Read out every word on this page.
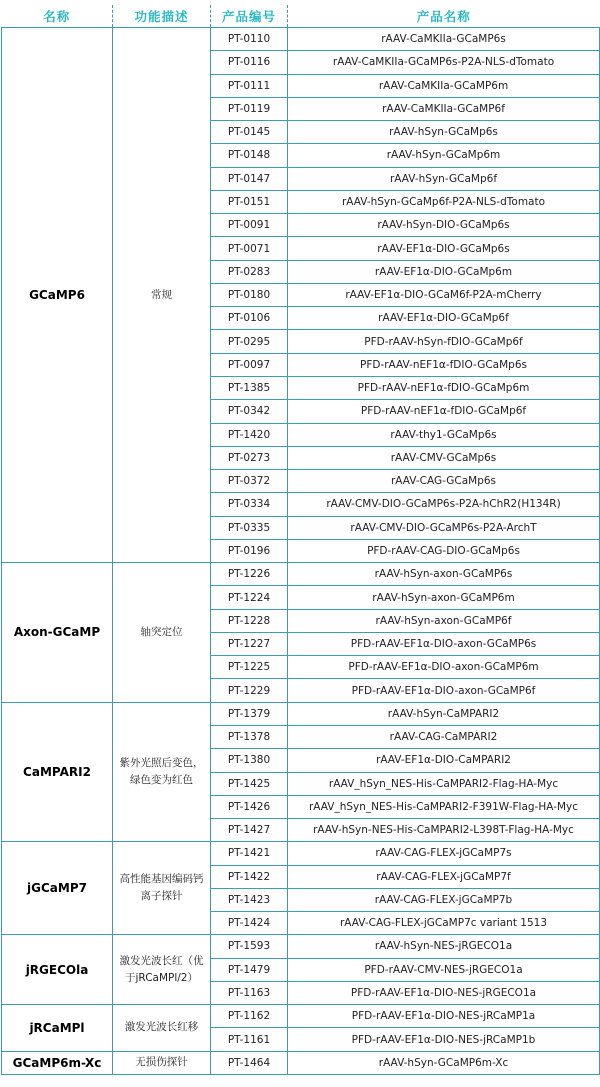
名称	功能描述	产品编号	产品名称
GCaMP6	常规	PT-0110	rAAV-CaMKIIa-GCaMP6s
		PT-0116	rAAV-CaMKIIa-GCaMP6s-P2A-NLS-dTomato
		PT-0111	rAAV-CaMKIIa-GCaMP6m
		PT-0119	rAAV-CaMKIIa-GCaMP6f
		PT-0145	rAAV-hSyn-GCaMp6s
		PT-0148	rAAV-hSyn-GCaMp6m
		PT-0147	rAAV-hSyn-GCaMp6f
		PT-0151	rAAV-hSyn-GCaMp6f-P2A-NLS-dTomato
		PT-0091	rAAV-hSyn-DIO-GCaMp6s
		PT-0071	rAAV-EF1α-DIO-GCaMp6s
		PT-0283	rAAV-EF1α-DIO-GCaMp6m
		PT-0180	rAAV-EF1α-DIO-GCaM6f-P2A-mCherry
		PT-0106	rAAV-EF1α-DIO-GCaMp6f
		PT-0295	PFD-rAAV-hSyn-fDIO-GCaMp6f
		PT-0097	PFD-rAAV-nEF1α-fDIO-GCaMp6s
		PT-1385	PFD-rAAV-nEF1α-fDIO-GCaMp6m
		PT-0342	PFD-rAAV-nEF1α-fDIO-GCaMp6f
		PT-1420	rAAV-thy1-GCaMp6s
		PT-0273	rAAV-CMV-GCaMp6s
		PT-0372	rAAV-CAG-GCaMp6s
		PT-0334	rAAV-CMV-DIO-GCaMP6s-P2A-hChR2(H134R)
		PT-0335	rAAV-CMV-DIO-GCaMP6s-P2A-ArchT
		PT-0196	PFD-rAAV-CAG-DIO-GCaMp6s
Axon-GCaMP	轴突定位	PT-1226	rAAV-hSyn-axon-GCaMP6s
		PT-1224	rAAV-hSyn-axon-GCaMP6m
		PT-1228	rAAV-hSyn-axon-GCaMP6f
		PT-1227	PFD-rAAV-EF1α-DIO-axon-GCaMP6s
		PT-1225	PFD-rAAV-EF1α-DIO-axon-GCaMP6m
		PT-1229	PFD-rAAV-EF1α-DIO-axon-GCaMP6f
CaMPARI2	紫外光照后变色，绿色变为红色	PT-1379	rAAV-hSyn-CaMPARI2
		PT-1378	rAAV-CAG-CaMPARI2
		PT-1380	rAAV-EF1α-DIO-CaMPARI2
		PT-1425	rAAV_hSyn_NES-His-CaMPARI2-Flag-HA-Myc
		PT-1426	rAAV_hSyn_NES-His-CaMPARI2-F391W-Flag-HA-Myc
		PT-1427	rAAV-hSyn-NES-His-CaMPARI2-L398T-Flag-HA-Myc
jGCaMP7	高性能基因编码钙离子探针	PT-1421	rAAV-CAG-FLEX-jGCaMP7s
		PT-1422	rAAV-CAG-FLEX-jGCaMP7f
		PT-1423	rAAV-CAG-FLEX-jGCaMP7b
		PT-1424	rAAV-CAG-FLEX-jGCaMP7c variant 1513
jRGECOla	激发光波长红（优于jRCaMPl/2）	PT-1593	rAAV-hSyn-NES-jRGECO1a
		PT-1479	PFD-rAAV-CMV-NES-jRGECO1a
		PT-1163	PFD-rAAV-EF1α-DIO-NES-jRGECO1a
jRCaMPl	激发光波长红移	PT-1162	PFD-rAAV-EF1α-DIO-NES-jRCaMP1a
		PT-1161	PFD-rAAV-EF1α-DIO-NES-jRCaMP1b
GCaMP6m-Xc	无损伤探针	PT-1464	rAAV-hSyn-GCaMP6m-Xc
